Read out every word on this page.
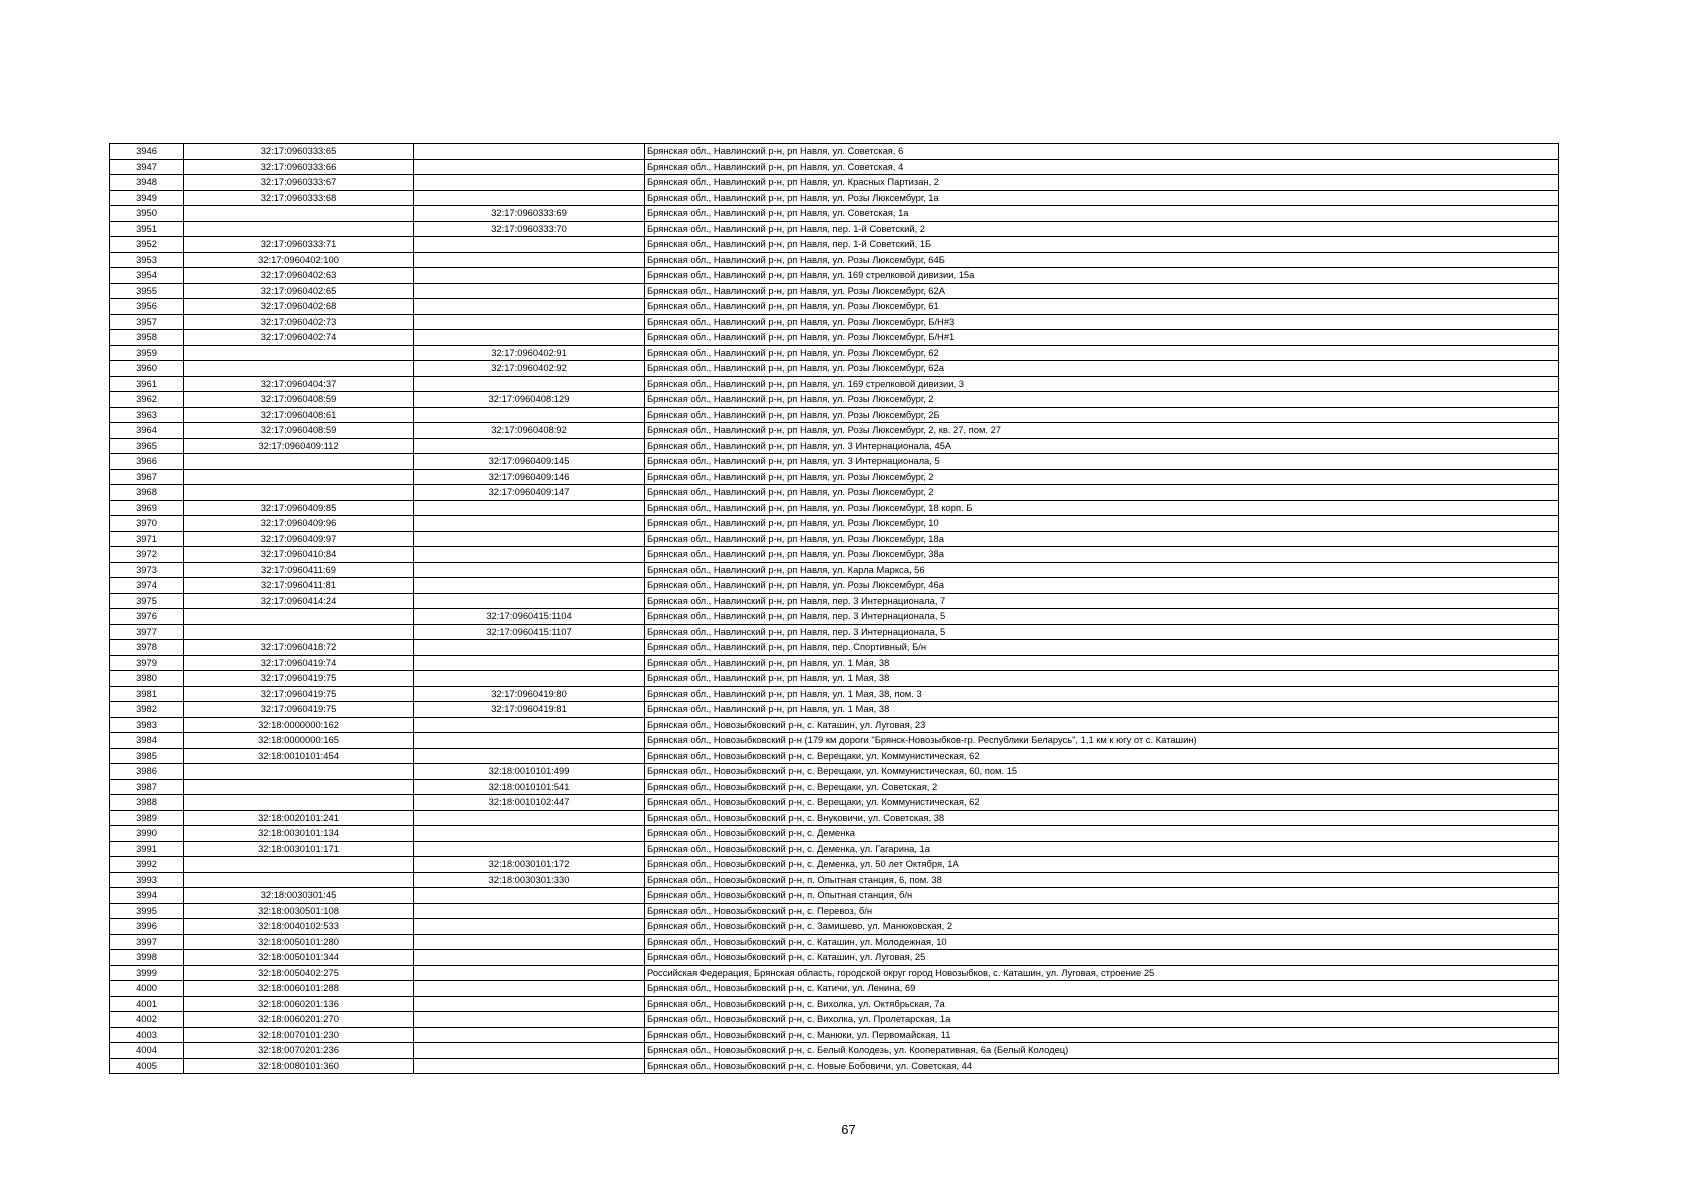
3946	32:17:0960333:65		Брянская обл., Навлинский р-н, рп Навля, ул. Советская, 6
3947	32:17:0960333:66		Брянская обл., Навлинский р-н, рп Навля, ул. Советская, 4
3948	32:17:0960333:67		Брянская обл., Навлинский р-н, рп Навля, ул. Красных Партизан, 2
3949	32:17:0960333:68		Брянская обл., Навлинский р-н, рп Навля, ул. Розы Люксембург, 1а
3950		32:17:0960333:69	Брянская обл., Навлинский р-н, рп Навля, ул. Советская, 1а
3951		32:17:0960333:70	Брянская обл., Навлинский р-н, рп Навля, пер. 1-й Советский, 2
3952	32:17:0960333:71		Брянская обл., Навлинский р-н, рп Навля, пер. 1-й Советский, 1Б
3953	32:17:0960402:100		Брянская обл., Навлинский р-н, рп Навля, ул. Розы Люксембург, 64Б
3954	32:17:0960402:63		Брянская обл., Навлинский р-н, рп Навля, ул. 169 стрелковой дивизии, 15а
3955	32:17:0960402:65		Брянская обл., Навлинский р-н, рп Навля, ул. Розы Люксембург, 62А
3956	32:17:0960402:68		Брянская обл., Навлинский р-н, рп Навля, ул. Розы Люксембург, 61
3957	32:17:0960402:73		Брянская обл., Навлинский р-н, рп Навля, ул. Розы Люксембург, Б/Н#3
3958	32:17:0960402:74		Брянская обл., Навлинский р-н, рп Навля, ул. Розы Люксембург, Б/Н#1
3959		32:17:0960402:91	Брянская обл., Навлинский р-н, рп Навля, ул. Розы Люксембург, 62
3960		32:17:0960402:92	Брянская обл., Навлинский р-н, рп Навля, ул. Розы Люксембург, 62а
3961	32:17:0960404:37		Брянская обл., Навлинский р-н, рп Навля, ул. 169 стрелковой дивизии, 3
3962	32:17:0960408:59	32:17:0960408:129	Брянская обл., Навлинский р-н, рп Навля, ул. Розы Люксембург, 2
3963	32:17:0960408:61		Брянская обл., Навлинский р-н, рп Навля, ул. Розы Люксембург, 2Б
3964	32:17:0960408:59	32:17:0960408:92	Брянская обл., Навлинский р-н, рп Навля, ул. Розы Люксембург, 2, кв. 27, пом. 27
3965	32:17:0960409:112		Брянская обл., Навлинский р-н, рп Навля, ул. 3 Интернационала, 45А
3966		32:17:0960409:145	Брянская обл., Навлинский р-н, рп Навля, ул. 3 Интернационала, 5
3967		32:17:0960409:146	Брянская обл., Навлинский р-н, рп Навля, ул. Розы Люксембург, 2
3968		32:17:0960409:147	Брянская обл., Навлинский р-н, рп Навля, ул. Розы Люксембург, 2
3969	32:17:0960409:85		Брянская обл., Навлинский р-н, рп Навля, ул. Розы Люксембург, 18 корп. Б
3970	32:17:0960409:96		Брянская обл., Навлинский р-н, рп Навля, ул. Розы Люксембург, 10
3971	32:17:0960409:97		Брянская обл., Навлинский р-н, рп Навля, ул. Розы Люксембург, 18а
3972	32:17:0960410:84		Брянская обл., Навлинский р-н, рп Навля, ул. Розы Люксембург, 38а
3973	32:17:0960411:69		Брянская обл., Навлинский р-н, рп Навля, ул. Карла Маркса, 56
3974	32:17:0960411:81		Брянская обл., Навлинский р-н, рп Навля, ул. Розы Люксембург, 46а
3975	32:17:0960414:24		Брянская обл., Навлинский р-н, рп Навля, пер. 3 Интернационала, 7
3976		32:17:0960415:1104	Брянская обл., Навлинский р-н, рп Навля, пер. 3 Интернационала, 5
3977		32:17:0960415:1107	Брянская обл., Навлинский р-н, рп Навля, пер. 3 Интернационала, 5
3978	32:17:0960418:72		Брянская обл., Навлинский р-н, рп Навля, пер. Спортивный, Б/н
3979	32:17:0960419:74		Брянская обл., Навлинский р-н, рп Навля, ул. 1 Мая, 38
3980	32:17:0960419:75		Брянская обл., Навлинский р-н, рп Навля, ул. 1 Мая, 38
3981	32:17:0960419:75	32:17:0960419:80	Брянская обл., Навлинский р-н, рп Навля, ул. 1 Мая, 38, пом. 3
3982	32:17:0960419:75	32:17:0960419:81	Брянская обл., Навлинский р-н, рп Навля, ул. 1 Мая, 38
3983	32:18:0000000:162		Брянская обл., Новозыбковский р-н, с. Каташин, ул. Луговая, 23
3984	32:18:0000000:165		Брянская обл., Новозыбковский р-н (179 км дороги "Брянск-Новозыбков-гр. Республики Беларусь", 1,1 км к югу от с. Каташин)
3985	32:18:0010101:454		Брянская обл., Новозыбковский р-н, с. Верещаки, ул. Коммунистическая, 62
3986		32:18:0010101:499	Брянская обл., Новозыбковский р-н, с. Верещаки, ул. Коммунистическая, 60, пом. 15
3987		32:18:0010101:541	Брянская обл., Новозыбковский р-н, с. Верещаки, ул. Советская, 2
3988		32:18:0010102:447	Брянская обл., Новозыбковский р-н, с. Верещаки, ул. Коммунистическая, 62
3989	32:18:0020101:241		Брянская обл., Новозыбковский р-н, с. Внуковичи, ул. Советская, 38
3990	32:18:0030101:134		Брянская обл., Новозыбковский р-н, с. Деменка
3991	32:18:0030101:171		Брянская обл., Новозыбковский р-н, с. Деменка, ул. Гагарина, 1а
3992		32:18:0030101:172	Брянская обл., Новозыбковский р-н, с. Деменка, ул. 50 лет Октября, 1А
3993		32:18:0030301:330	Брянская обл., Новозыбковский р-н, п. Опытная станция, 6, пом. 38
3994	32:18:0030301:45		Брянская обл., Новозыбковский р-н, п. Опытная станция, б/н
3995	32:18:0030501:108		Брянская обл., Новозыбковский р-н, с. Перевоз, б/н
3996	32:18:0040102:533		Брянская обл., Новозыбковский р-н, с. Замишево, ул. Манюковская, 2
3997	32:18:0050101:280		Брянская обл., Новозыбковский р-н, с. Каташин, ул. Молодежная, 10
3998	32:18:0050101:344		Брянская обл., Новозыбковский р-н, с. Каташин, ул. Луговая, 25
3999	32:18:0050402:275		Российская Федерация, Брянская область, городской округ город Новозыбков, с. Каташин, ул. Луговая, строение 25
4000	32:18:0060101:288		Брянская обл., Новозыбковский р-н, с. Катичи, ул. Ленина, 69
4001	32:18:0060201:136		Брянская обл., Новозыбковский р-н, с. Вихолка, ул. Октябрьская, 7а
4002	32:18:0060201:270		Брянская обл., Новозыбковский р-н, с. Вихолка, ул. Пролетарская, 1а
4003	32:18:0070101:230		Брянская обл., Новозыбковский р-н, с. Манюки, ул. Первомайская, 11
4004	32:18:0070201:236		Брянская обл., Новозыбковский р-н, с. Белый Колодезь, ул. Кооперативная, 6а (Белый Колодец)
4005	32:18:0080101:360		Брянская обл., Новозыбковский р-н, с. Новые Бобовичи, ул. Советская, 44
67
